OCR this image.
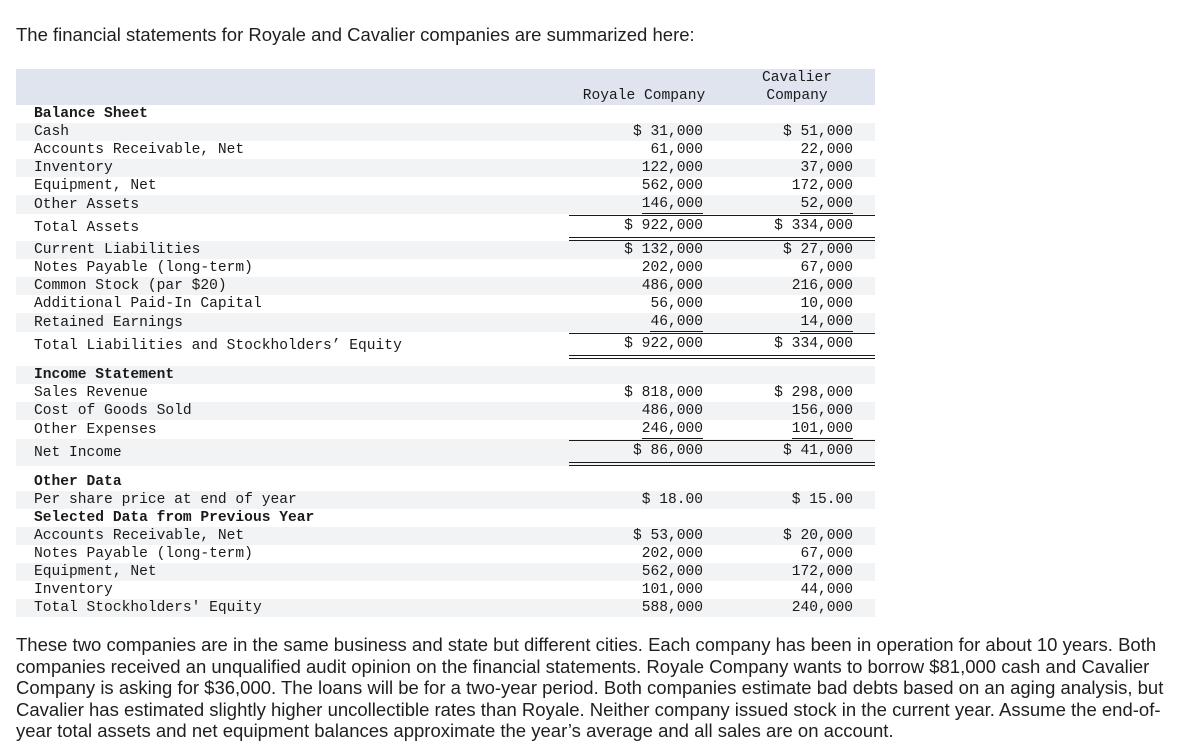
The financial statements for Royale and Cavalier companies are summarized here:
	Royale Company	Cavalier
Company
Balance Sheet		
Cash	$ 31,000	$ 51,000
Accounts Receivable, Net	61,000	22,000
Inventory	122,000	37,000
Equipment, Net	562,000	172,000
Other Assets	146,000	52,000
Total Assets	$ 922,000	$ 334,000
Current Liabilities	$ 132,000	$ 27,000
Notes Payable (long-term)	202,000	67,000
Common Stock (par $20)	486,000	216,000
Additional Paid-In Capital	56,000	10,000
Retained Earnings	46,000	14,000
Total Liabilities and Stockholders’ Equity	$ 922,000	$ 334,000

Income Statement		
Sales Revenue	$ 818,000	$ 298,000
Cost of Goods Sold	486,000	156,000
Other Expenses	246,000	101,000
Net Income	$ 86,000	$ 41,000

Other Data		
Per share price at end of year	$ 18.00	$ 15.00
Selected Data from Previous Year		
Accounts Receivable, Net	$ 53,000	$ 20,000
Notes Payable (long-term)	202,000	67,000
Equipment, Net	562,000	172,000
Inventory	101,000	44,000
Total Stockholders' Equity	588,000	240,000
These two companies are in the same business and state but different cities. Each company has been in operation for about 10 years. Both companies received an unqualified audit opinion on the financial statements. Royale Company wants to borrow $81,000 cash and Cavalier Company is asking for $36,000. The loans will be for a two-year period. Both companies estimate bad debts based on an aging analysis, but Cavalier has estimated slightly higher uncollectible rates than Royale. Neither company issued stock in the current year. Assume the end-of-year total assets and net equipment balances approximate the year’s average and all sales are on account.
